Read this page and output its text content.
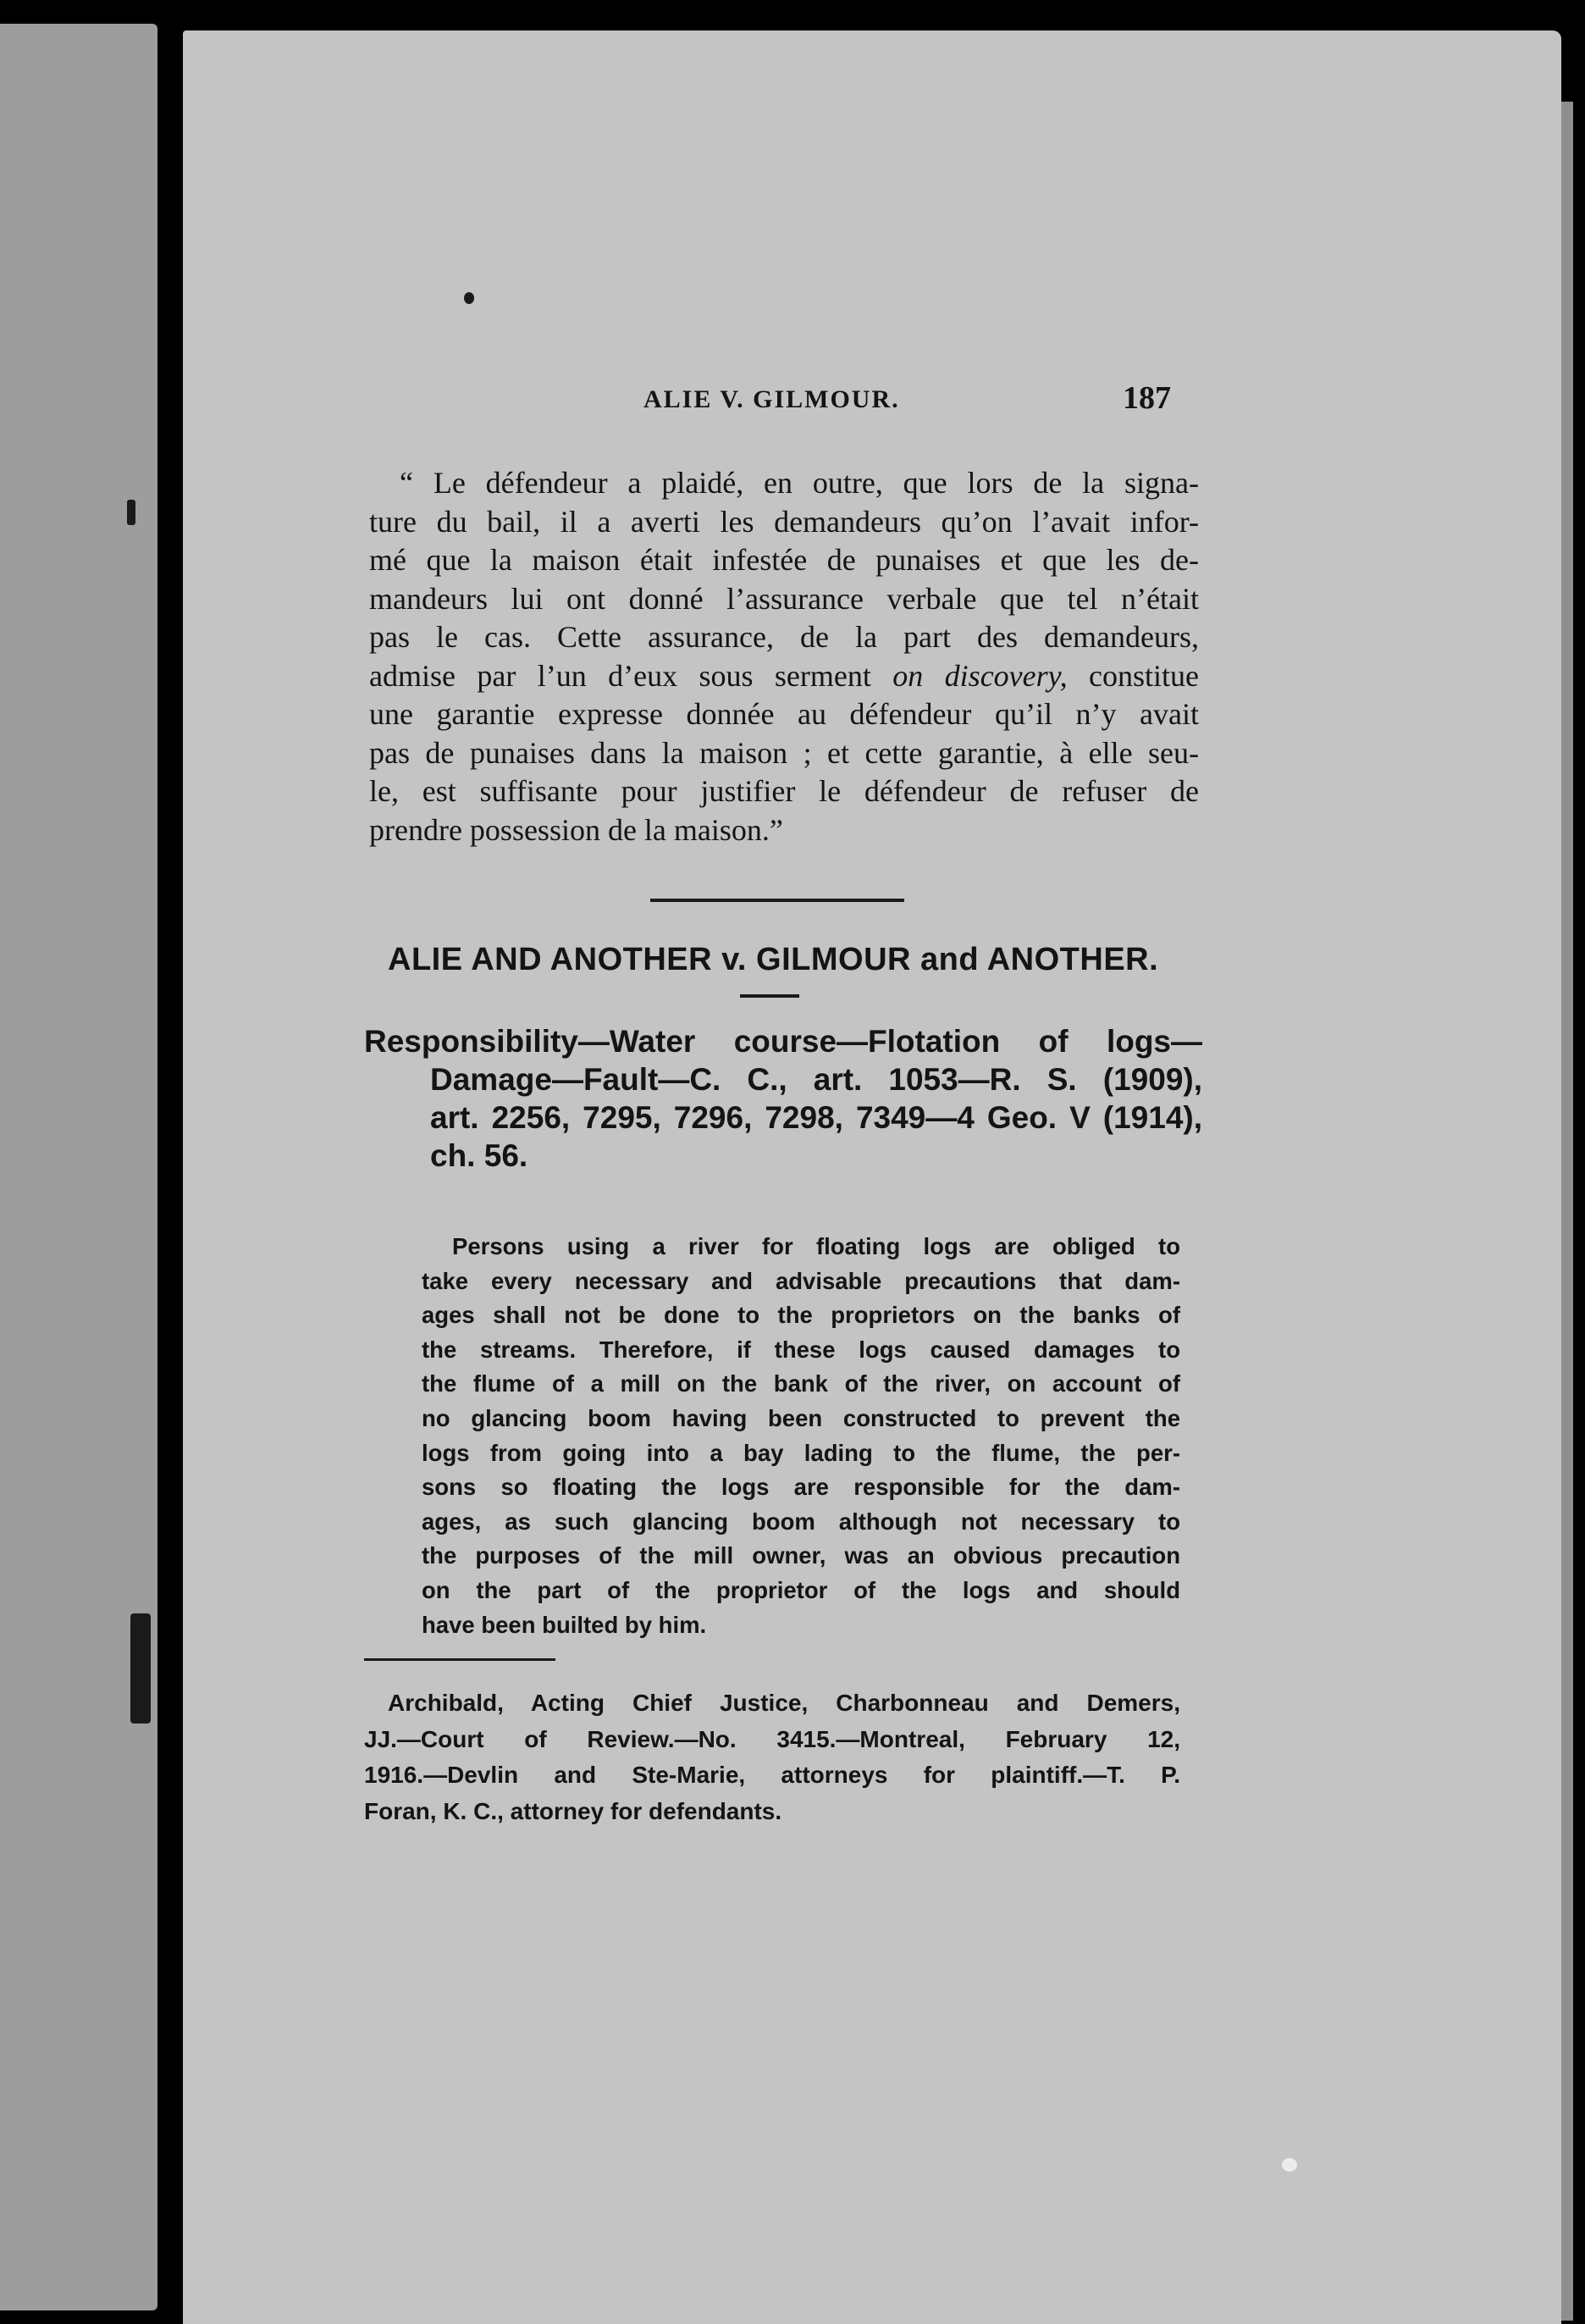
ALIE V. GILMOUR.	187
“ Le défendeur a plaidé, en outre, que lors de la signa-
ture du bail, il a averti les demandeurs qu’on l’avait infor-
mé que la maison était infestée de punaises et que les de-
mandeurs lui ont donné l’assurance verbale que tel n’était
pas le cas. Cette assurance, de la part des demandeurs,
admise par l’un d’eux sous serment on discovery, constitue
une garantie expresse donnée au défendeur qu’il n’y avait
pas de punaises dans la maison ; et cette garantie, à elle seu-
le, est suffisante pour justifier le défendeur de refuser de
prendre possession de la maison.”
ALIE AND ANOTHER v. GILMOUR and ANOTHER.
Responsibility—Water course—Flotation of logs—
Damage—Fault—C. C., art. 1053—R. S. (1909),
art. 2256, 7295, 7296, 7298, 7349—4 Geo. V (1914),
ch. 56.
Persons using a river for floating logs are obliged to
take every necessary and advisable precautions that dam-
ages shall not be done to the proprietors on the banks of
the streams. Therefore, if these logs caused damages to
the flume of a mill on the bank of the river, on account of
no glancing boom having been constructed to prevent the
logs from going into a bay lading to the flume, the per-
sons so floating the logs are responsible for the dam-
ages, as such glancing boom although not necessary to
the purposes of the mill owner, was an obvious precaution
on the part of the proprietor of the logs and should
have been builted by him.
Archibald, Acting Chief Justice, Charbonneau and Demers,
JJ.—Court of Review.—No. 3415.—Montreal, February 12,
1916.—Devlin and Ste-Marie, attorneys for plaintiff.—T. P.
Foran, K. C., attorney for defendants.
